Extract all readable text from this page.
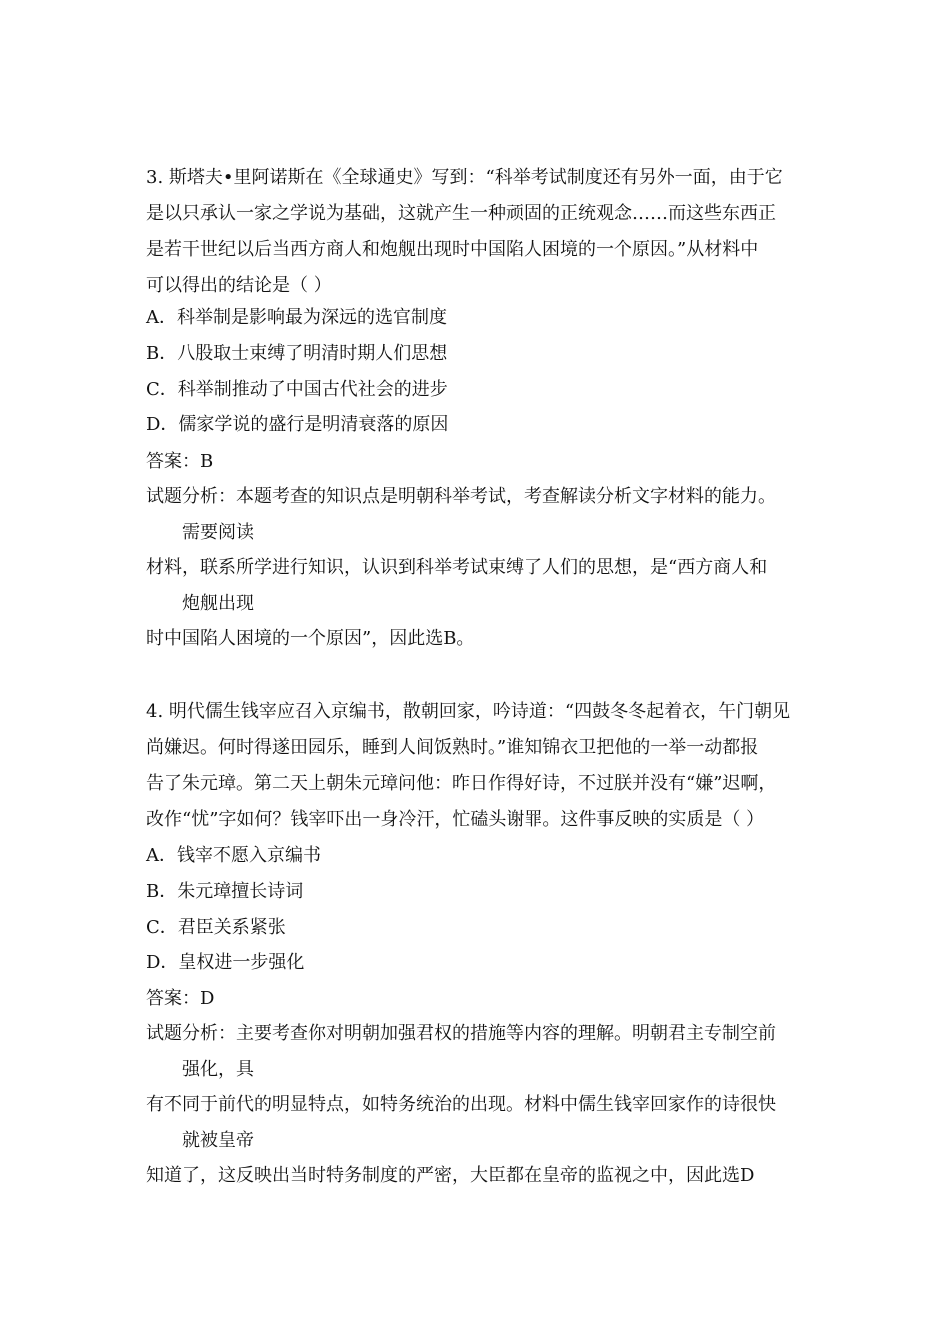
3. 斯塔夫•里阿诺斯在《全球通史》写到：“科举考试制度还有另外一面，由于它
是以只承认一家之学说为基础，这就产生一种顽固的正统观念……而这些东西正
是若干世纪以后当西方商人和炮舰出现时中国陷人困境的一个原因。”从材料中
可以得出的结论是（ ）
A．科举制是影响最为深远的选官制度
B．八股取士束缚了明清时期人们思想
C．科举制推动了中国古代社会的进步
D．儒家学说的盛行是明清衰落的原因
答案：B
试题分析：本题考查的知识点是明朝科举考试，考查解读分析文字材料的能力。
需要阅读
材料，联系所学进行知识，认识到科举考试束缚了人们的思想，是“西方商人和
炮舰出现
时中国陷人困境的一个原因”，因此选B。
4. 明代儒生钱宰应召入京编书，散朝回家，吟诗道：“四鼓冬冬起着衣，午门朝见
尚嫌迟。何时得遂田园乐，睡到人间饭熟时。”谁知锦衣卫把他的一举一动都报
告了朱元璋。第二天上朝朱元璋问他：昨日作得好诗，不过朕并没有“嫌”迟啊，
改作“忧”字如何？钱宰吓出一身冷汗，忙磕头谢罪。这件事反映的实质是（ ）
A．钱宰不愿入京编书
B．朱元璋擅长诗词
C．君臣关系紧张
D．皇权进一步强化
答案：D
试题分析：主要考查你对明朝加强君权的措施等内容的理解。明朝君主专制空前
强化，具
有不同于前代的明显特点，如特务统治的出现。材料中儒生钱宰回家作的诗很快
就被皇帝
知道了，这反映出当时特务制度的严密，大臣都在皇帝的监视之中，因此选D
